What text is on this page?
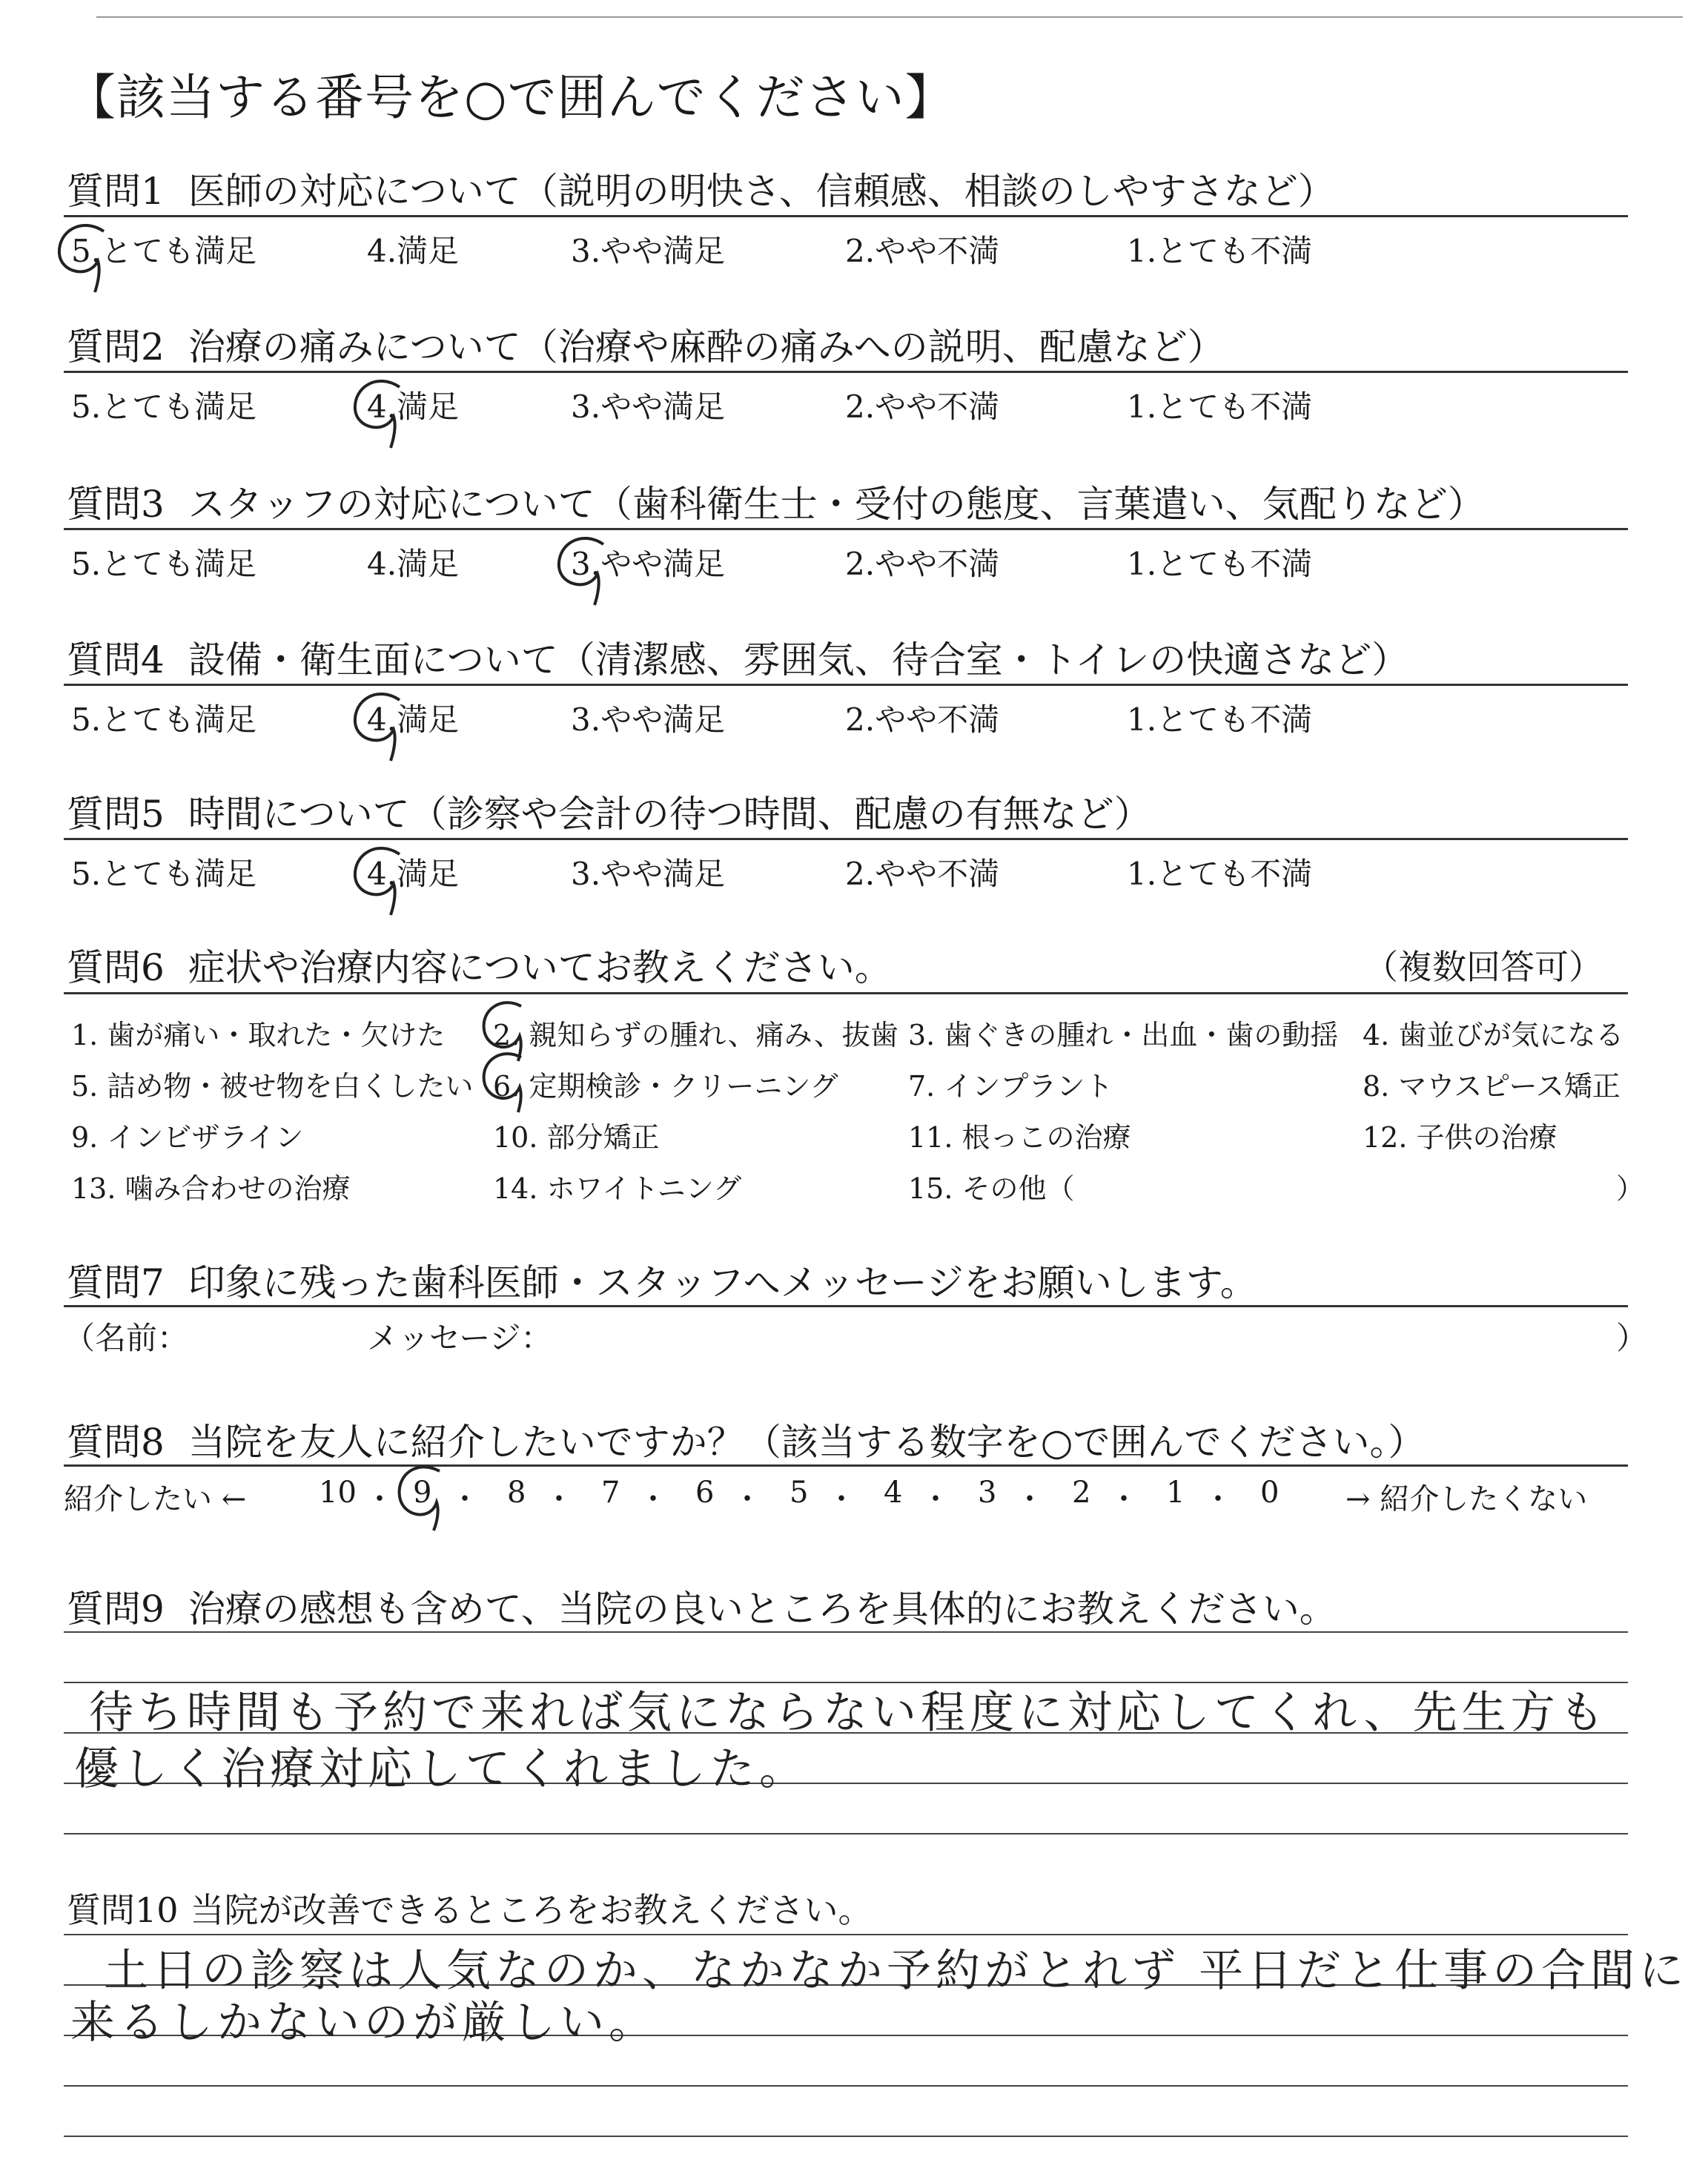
【該当する番号を○で囲んでください】
質問1 医師の対応について（説明の明快さ、信頼感、相談のしやすさなど）
5.とても満足	4.満足	3.やや満足	2.やや不満	1.とても不満
質問2 治療の痛みについて（治療や麻酔の痛みへの説明、配慮など）
5.とても満足	4.満足	3.やや満足	2.やや不満	1.とても不満
質問3 スタッフの対応について（歯科衛生士・受付の態度、言葉遣い、気配りなど）
5.とても満足	4.満足	3.やや満足	2.やや不満	1.とても不満
質問4 設備・衛生面について（清潔感、雰囲気、待合室・トイレの快適さなど）
5.とても満足	4.満足	3.やや満足	2.やや不満	1.とても不満
質問5 時間について（診察や会計の待つ時間、配慮の有無など）
5.とても満足	4.満足	3.やや満足	2.やや不満	1.とても不満
質問6 症状や治療内容についてお教えください。	（複数回答可）
1. 歯が痛い・取れた・欠けた 2. 親知らずの腫れ、痛み、抜歯 3. 歯ぐきの腫れ・出血・歯の動揺 4. 歯並びが気になる
5. 詰め物・被せ物を白くしたい 6. 定期検診・クリーニング 7. インプラント	8. マウスピース矯正
9. インビザライン	10. 部分矯正	11. 根っこの治療	12. 子供の治療
13. 噛み合わせの治療	14. ホワイトニング	15. その他（	）
質問7 印象に残った歯科医師・スタッフへメッセージをお願いします。
（名前：	メッセージ：	）
質問8 当院を友人に紹介したいですか？（該当する数字を○で囲んでください。）
紹介したい ← 10 ・ 9 ・ 8 ・ 7 ・ 6 ・ 5 ・ 4 ・ 3 ・ 2 ・ 1 ・ 0 → 紹介したくない
質問9 治療の感想も含めて、当院の良いところを具体的にお教えください。
待ち時間も予約で来れば気にならない程度に対応してくれ、先生方も
優しく治療対応してくれました。
質問10 当院が改善できるところをお教えください。
土日の診察は人気なのか、なかなか予約がとれず 平日だと仕事の合間に
来るしかないのが厳しい。
